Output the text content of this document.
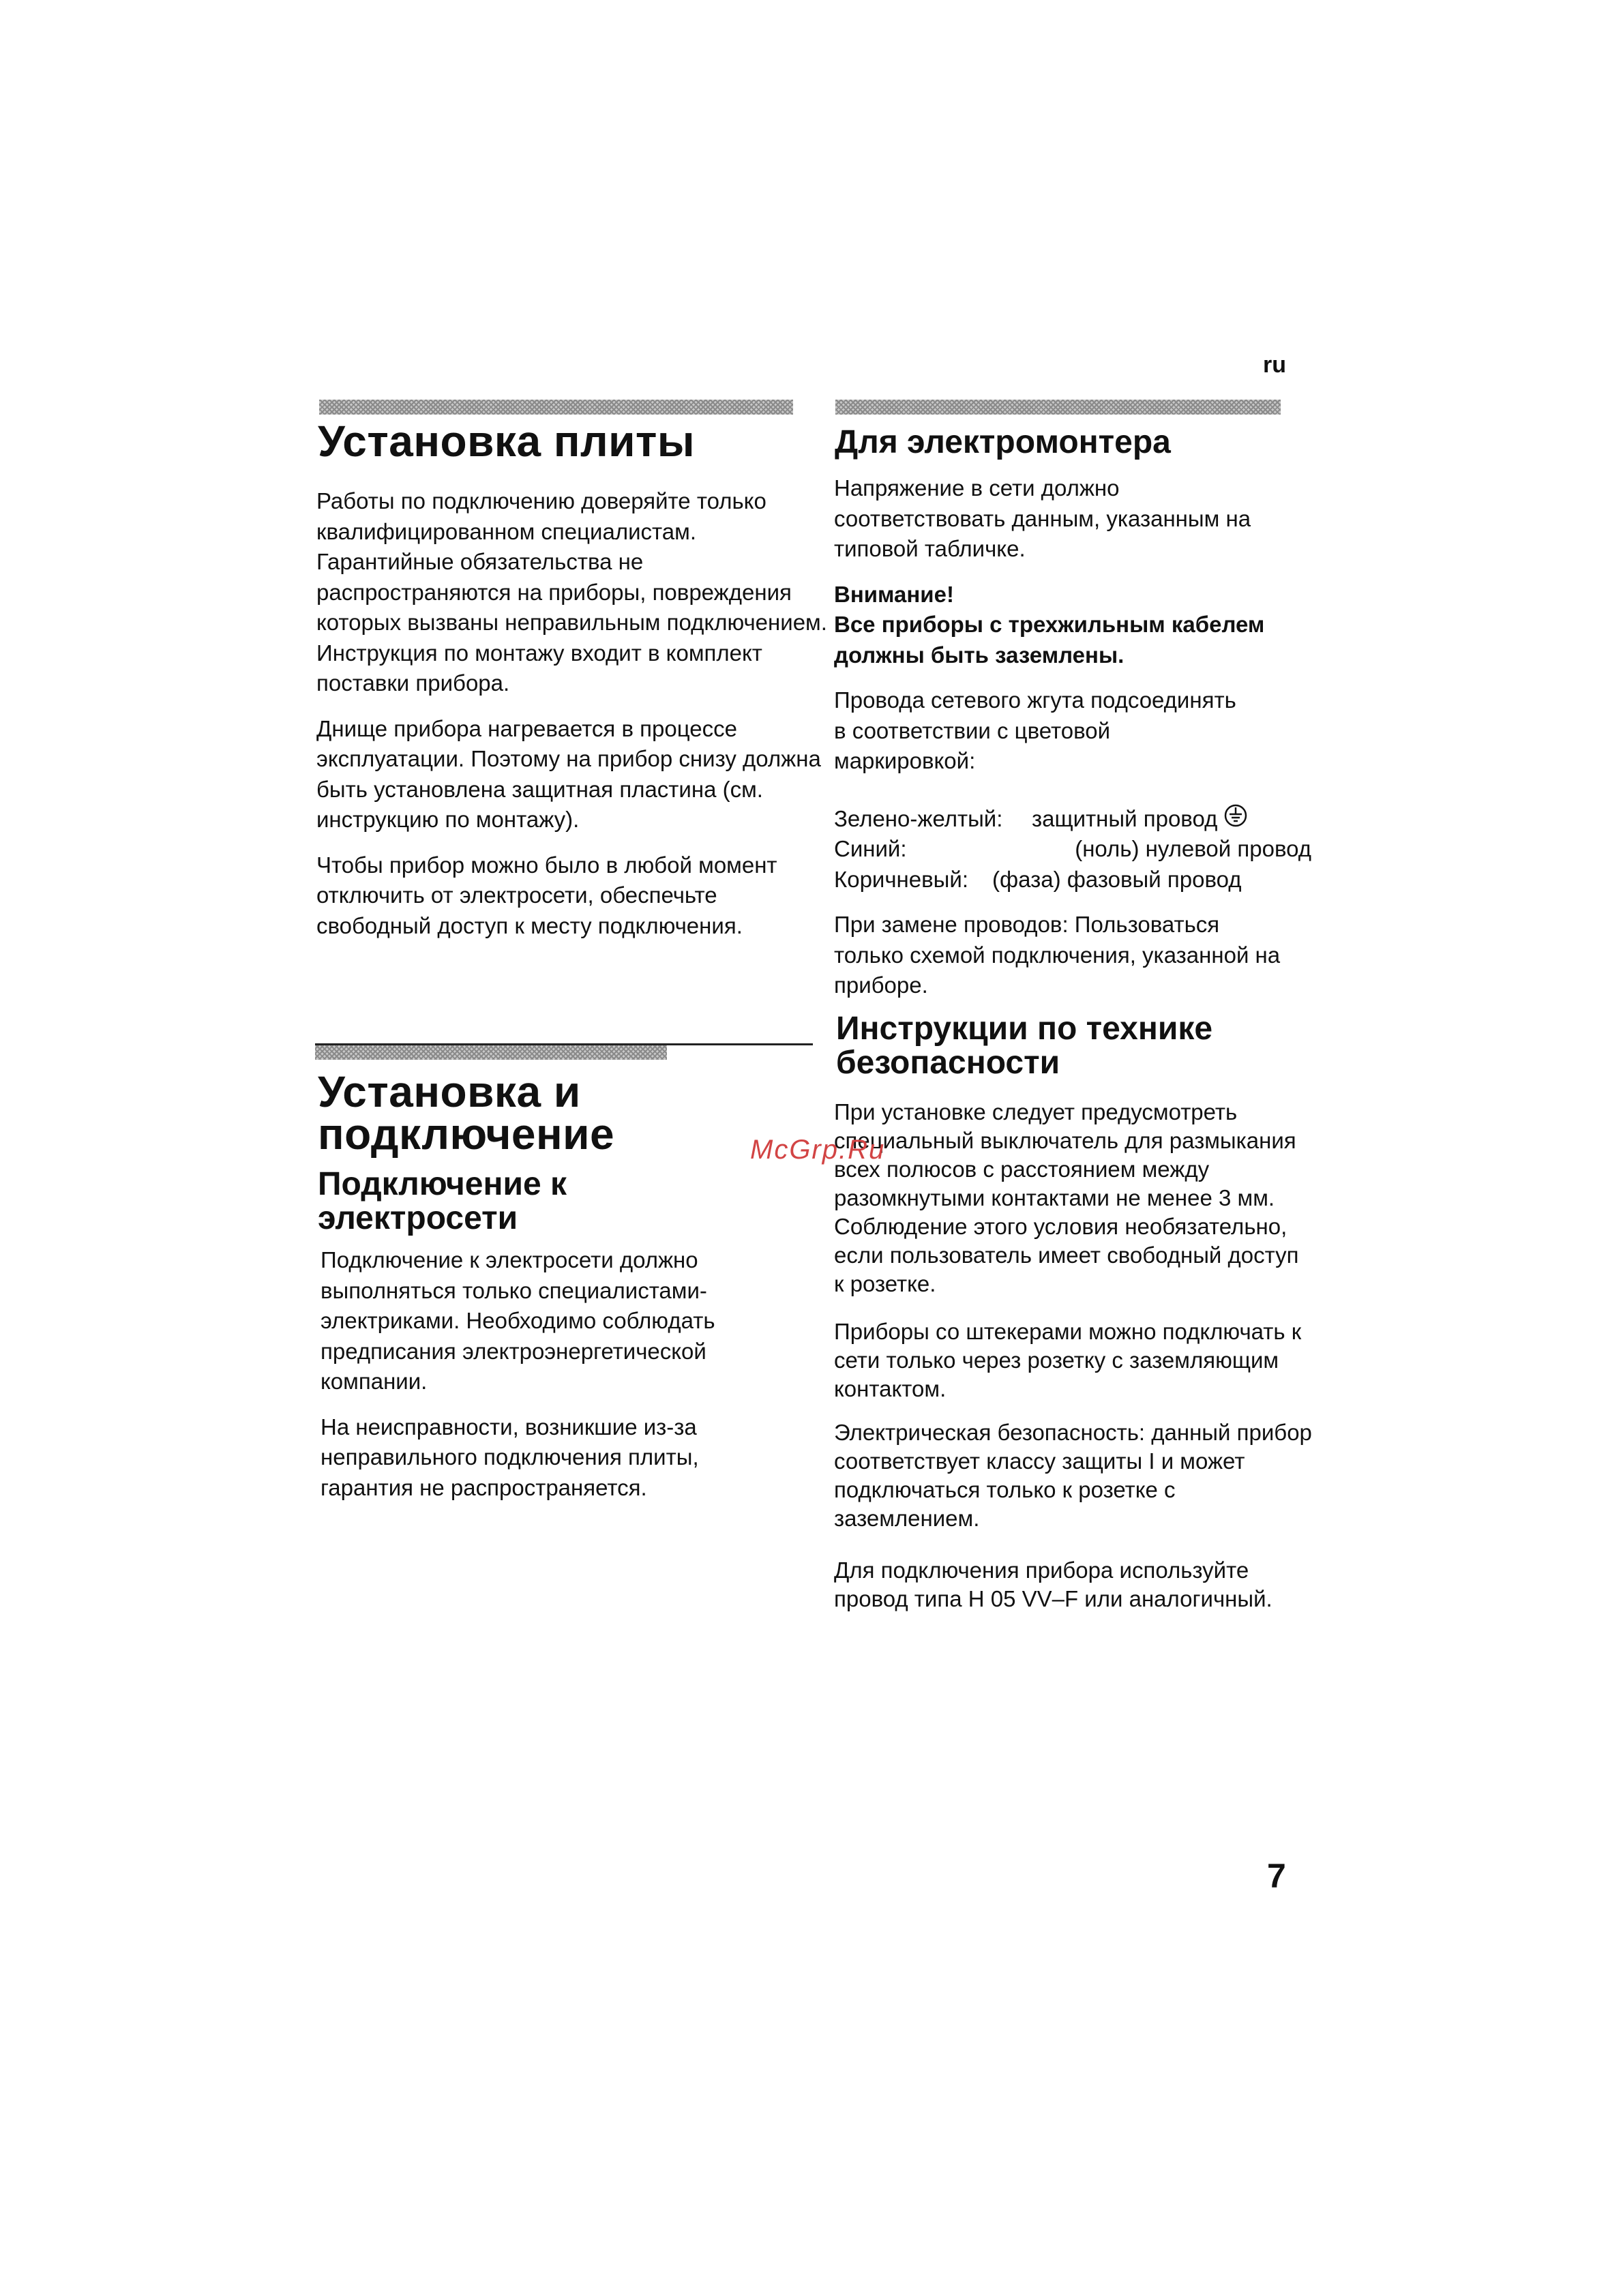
ru
Установка плиты

Работы по подключению доверяйте только квалифицированном специалистам. Гарантийные обязательства не распространяются на приборы, повреждения которых вызваны неправильным подключением. Инструкция по монтажу входит в комплект поставки прибора.

Днище прибора нагревается в процессе эксплуатации. Поэтому на прибор снизу должна быть установлена защитная пластина (см. инструкцию по монтажу).

Чтобы прибор можно было в любой момент отключить от электросети, обеспечьте свободный доступ к месту подключения.

Установка и
подключение
Подключение к
электросети

Подключение к электросети должно выполняться только специалистами-электриками. Необходимо соблюдать предписания электроэнергетической компании.

На неисправности, возникшие из-за неправильного подключения плиты, гарантия не распространяется.

Для электромонтера

Напряжение в сети должно соответствовать данным, указанным на типовой табличке.

Внимание!

Все приборы с трехжильным кабелем должны быть заземлены.

Провода сетевого жгута подсоединять в соответствии с цветовой маркировкой:

Зелено-желтый:	защитный провод
Синий:	(ноль) нулевой провод
Коричневый:	(фаза) фазовый провод

При замене проводов: Пользоваться только схемой подключения, указанной на приборе.

Инструкции по технике
безопасности

При установке следует предусмотреть специальный выключатель для размыкания всех полюсов с расстоянием между разомкнутыми контактами не менее 3 мм. Соблюдение этого условия необязательно, если пользователь имеет свободный доступ к розетке.

Приборы со штекерами можно подключать к сети только через розетку с заземляющим контактом.

Электрическая безопасность: данный прибор соответствует классу защиты I и может подключаться только к розетке с заземлением.

Для подключения прибора используйте провод типа H 05 VV–F или аналогичный.

McGrp.Ru
7
